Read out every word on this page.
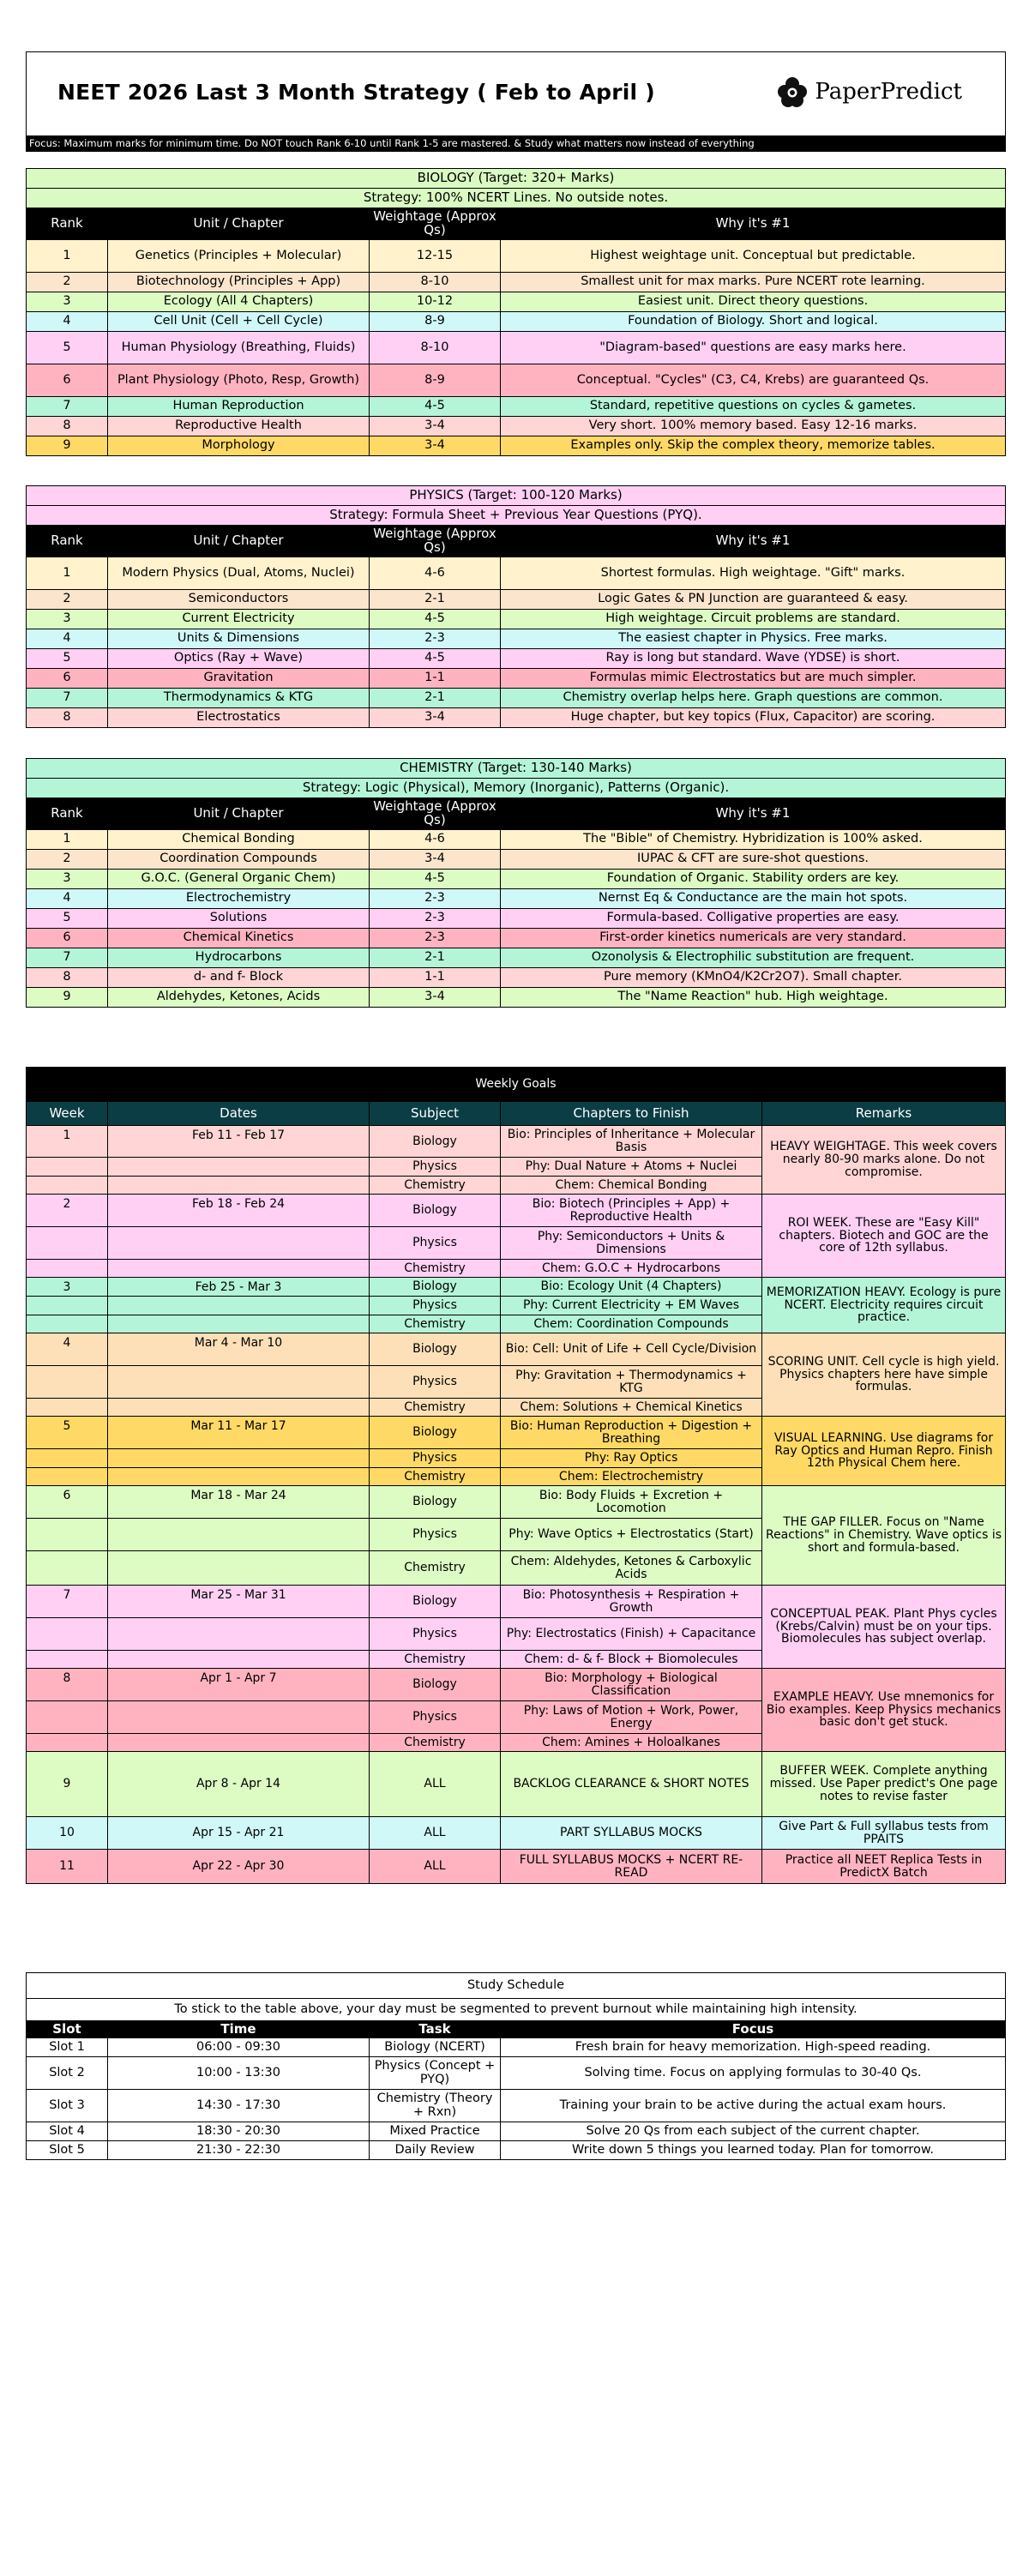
NEET 2026 Last 3 Month Strategy ( Feb to April )	PaperPredict
Focus: Maximum marks for minimum time. Do NOT touch Rank 6-10 until Rank 1-5 are mastered. & Study what matters now instead of everything
BIOLOGY (Target: 320+ Marks)			
Strategy: 100% NCERT Lines. No outside notes.			
Rank	Unit / Chapter	Weightage (Approx Qs)	Why it's #1
1	Genetics (Principles + Molecular)	12-15	Highest weightage unit. Conceptual but predictable.
2	Biotechnology (Principles + App)	8-10	Smallest unit for max marks. Pure NCERT rote learning.
3	Ecology (All 4 Chapters)	10-12	Easiest unit. Direct theory questions.
4	Cell Unit (Cell + Cell Cycle)	8-9	Foundation of Biology. Short and logical.
5	Human Physiology (Breathing, Fluids)	8-10	"Diagram-based" questions are easy marks here.
6	Plant Physiology (Photo, Resp, Growth)	8-9	Conceptual. "Cycles" (C3, C4, Krebs) are guaranteed Qs.
7	Human Reproduction	4-5	Standard, repetitive questions on cycles & gametes.
8	Reproductive Health	3-4	Very short. 100% memory based. Easy 12-16 marks.
9	Morphology	3-4	Examples only. Skip the complex theory, memorize tables.
PHYSICS (Target: 100-120 Marks)			
Strategy: Formula Sheet + Previous Year Questions (PYQ).			
Rank	Unit / Chapter	Weightage (Approx Qs)	Why it's #1
1	Modern Physics (Dual, Atoms, Nuclei)	4-6	Shortest formulas. High weightage. "Gift" marks.
2	Semiconductors	2-1	Logic Gates & PN Junction are guaranteed & easy.
3	Current Electricity	4-5	High weightage. Circuit problems are standard.
4	Units & Dimensions	2-3	The easiest chapter in Physics. Free marks.
5	Optics (Ray + Wave)	4-5	Ray is long but standard. Wave (YDSE) is short.
6	Gravitation	1-1	Formulas mimic Electrostatics but are much simpler.
7	Thermodynamics & KTG	2-1	Chemistry overlap helps here. Graph questions are common.
8	Electrostatics	3-4	Huge chapter, but key topics (Flux, Capacitor) are scoring.
CHEMISTRY (Target: 130-140 Marks)			
Strategy: Logic (Physical), Memory (Inorganic), Patterns (Organic).			
Rank	Unit / Chapter	Weightage (Approx Qs)	Why it's #1
1	Chemical Bonding	4-6	The "Bible" of Chemistry. Hybridization is 100% asked.
2	Coordination Compounds	3-4	IUPAC & CFT are sure-shot questions.
3	G.O.C. (General Organic Chem)	4-5	Foundation of Organic. Stability orders are key.
4	Electrochemistry	2-3	Nernst Eq & Conductance are the main hot spots.
5	Solutions	2-3	Formula-based. Colligative properties are easy.
6	Chemical Kinetics	2-3	First-order kinetics numericals are very standard.
7	Hydrocarbons	2-1	Ozonolysis & Electrophilic substitution are frequent.
8	d- and f- Block	1-1	Pure memory (KMnO4/K2Cr2O7). Small chapter.
9	Aldehydes, Ketones, Acids	3-4	The "Name Reaction" hub. High weightage.
Weekly Goals				
Week	Dates	Subject	Chapters to Finish	Remarks
1	Feb 11 - Feb 17	Biology	Bio: Principles of Inheritance + Molecular Basis	HEAVY WEIGHTAGE. This week covers nearly 80-90 marks alone. Do not compromise.
		Physics	Phy: Dual Nature + Atoms + Nuclei	
		Chemistry	Chem: Chemical Bonding	
2	Feb 18 - Feb 24	Biology	Bio: Biotech (Principles + App) + Reproductive Health	ROI WEEK. These are "Easy Kill" chapters. Biotech and GOC are the core of 12th syllabus.
		Physics	Phy: Semiconductors + Units & Dimensions	
		Chemistry	Chem: G.O.C + Hydrocarbons	
3	Feb 25 - Mar 3	Biology	Bio: Ecology Unit (4 Chapters)	MEMORIZATION HEAVY. Ecology is pure NCERT. Electricity requires circuit practice.
		Physics	Phy: Current Electricity + EM Waves	
		Chemistry	Chem: Coordination Compounds	
4	Mar 4 - Mar 10	Biology	Bio: Cell: Unit of Life + Cell Cycle/Division	SCORING UNIT. Cell cycle is high yield. Physics chapters here have simple formulas.
		Physics	Phy: Gravitation + Thermodynamics + KTG	
		Chemistry	Chem: Solutions + Chemical Kinetics	
5	Mar 11 - Mar 17	Biology	Bio: Human Reproduction + Digestion + Breathing	VISUAL LEARNING. Use diagrams for Ray Optics and Human Repro. Finish 12th Physical Chem here.
		Physics	Phy: Ray Optics	
		Chemistry	Chem: Electrochemistry	
6	Mar 18 - Mar 24	Biology	Bio: Body Fluids + Excretion + Locomotion	THE GAP FILLER. Focus on "Name Reactions" in Chemistry. Wave optics is short and formula-based.
		Physics	Phy: Wave Optics + Electrostatics (Start)	
		Chemistry	Chem: Aldehydes, Ketones & Carboxylic Acids	
7	Mar 25 - Mar 31	Biology	Bio: Photosynthesis + Respiration + Growth	CONCEPTUAL PEAK. Plant Phys cycles (Krebs/Calvin) must be on your tips. Biomolecules has subject overlap.
		Physics	Phy: Electrostatics (Finish) + Capacitance	
		Chemistry	Chem: d- & f- Block + Biomolecules	
8	Apr 1 - Apr 7	Biology	Bio: Morphology + Biological Classification	EXAMPLE HEAVY. Use mnemonics for Bio examples. Keep Physics mechanics basic don't get stuck.
		Physics	Phy: Laws of Motion + Work, Power, Energy	
		Chemistry	Chem: Amines + Holoalkanes	
9	Apr 8 - Apr 14	ALL	BACKLOG CLEARANCE & SHORT NOTES	BUFFER WEEK. Complete anything missed. Use Paper predict's One page notes to revise faster
10	Apr 15 - Apr 21	ALL	PART SYLLABUS MOCKS	Give Part & Full syllabus tests from PPAITS
11	Apr 22 - Apr 30	ALL	FULL SYLLABUS MOCKS + NCERT RE-READ	Practice all NEET Replica Tests in PredictX Batch
Study Schedule			
To stick to the table above, your day must be segmented to prevent burnout while maintaining high intensity.			
Slot	Time	Task	Focus
Slot 1	06:00 - 09:30	Biology (NCERT)	Fresh brain for heavy memorization. High-speed reading.
Slot 2	10:00 - 13:30	Physics (Concept + PYQ)	Solving time. Focus on applying formulas to 30-40 Qs.
Slot 3	14:30 - 17:30	Chemistry (Theory + Rxn)	Training your brain to be active during the actual exam hours.
Slot 4	18:30 - 20:30	Mixed Practice	Solve 20 Qs from each subject of the current chapter.
Slot 5	21:30 - 22:30	Daily Review	Write down 5 things you learned today. Plan for tomorrow.
